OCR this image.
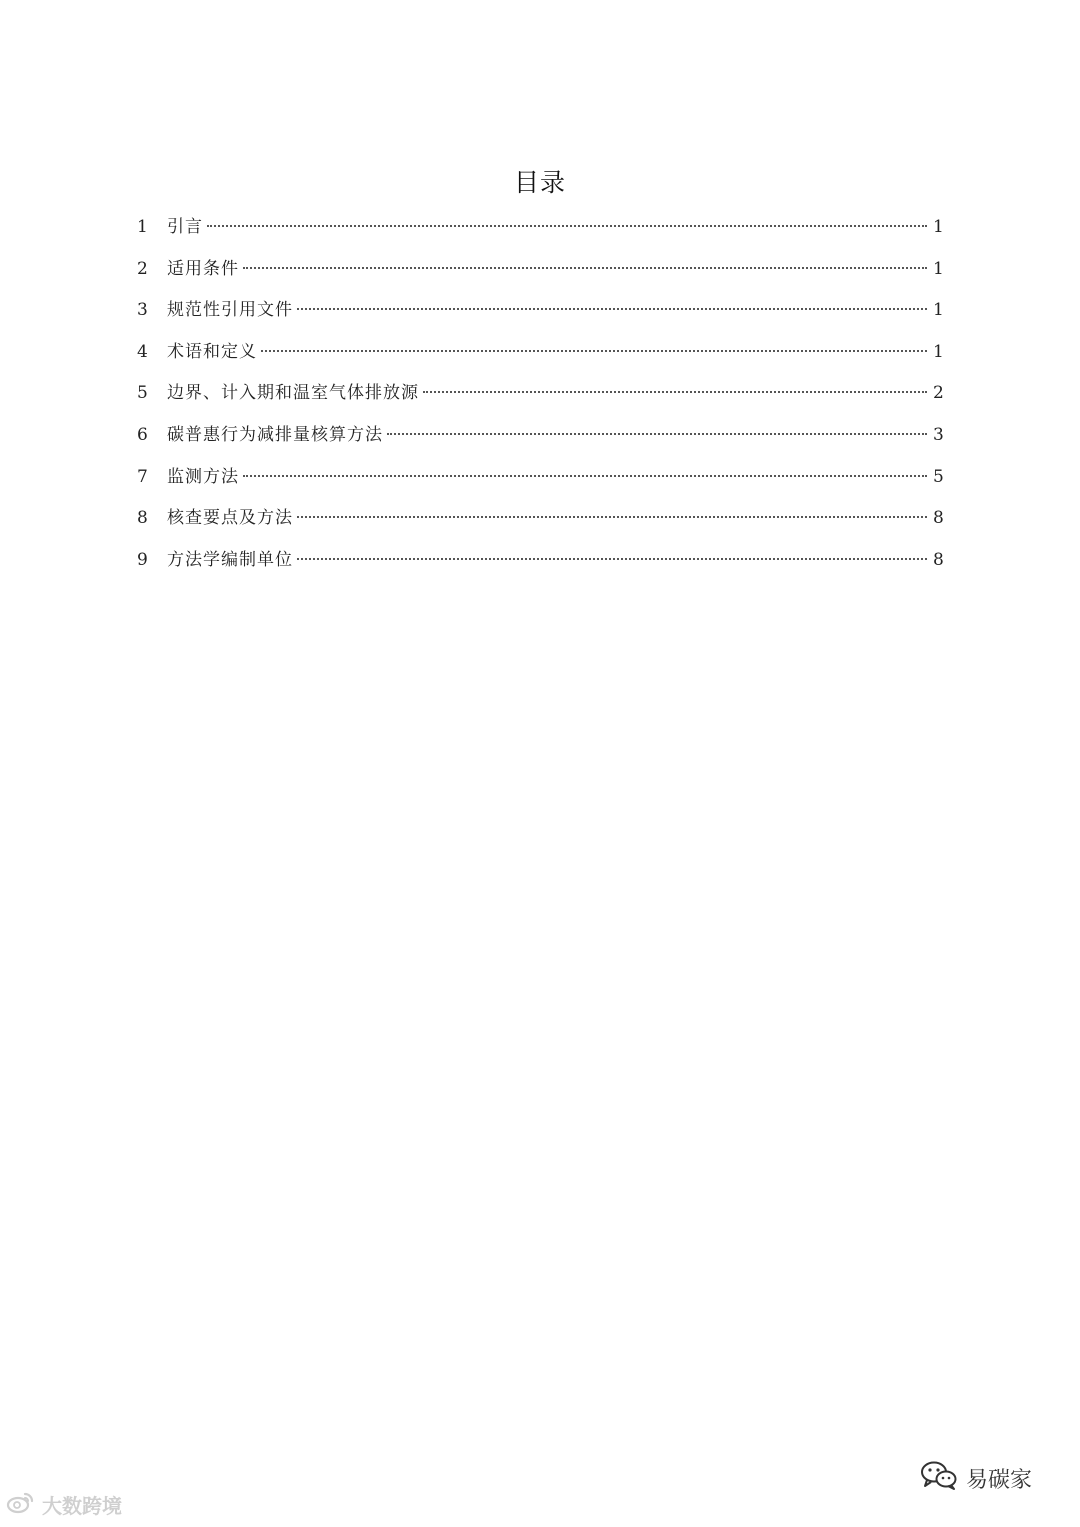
目录
1	引言	1
2	适用条件	1
3	规范性引用文件	1
4	术语和定义	1
5	边界、计入期和温室气体排放源	2
6	碳普惠行为减排量核算方法	3
7	监测方法	5
8	核查要点及方法	8
9	方法学编制单位	8
大数跨境
易碳家
